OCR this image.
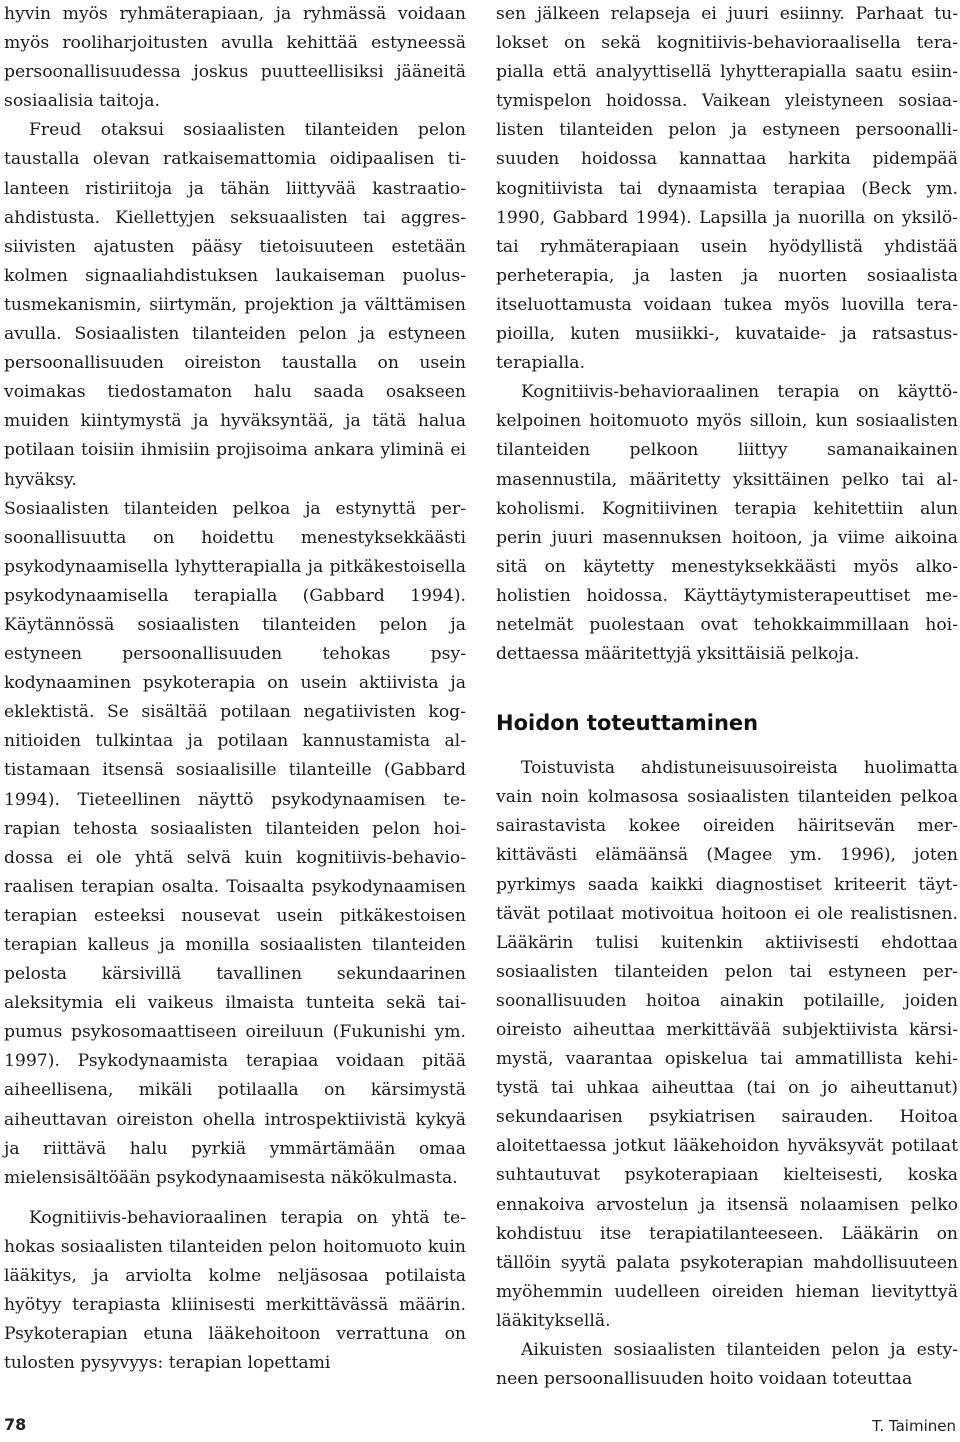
hyvin myös ryhmäterapiaan, ja ryhmässä voidaan myös rooliharjoitusten avulla kehittää estyneessä persoonallisuudessa joskus puutteellisiksi jääneitä sosiaalisia taitoja.

Freud otaksui sosiaalisten tilanteiden pelon taustalla olevan ratkaisemattomia oidipaalisen tilanteen ristiriitoja ja tähän liittyvää kastraatioahdistusta. Kiellettyjen seksuaalisten tai aggressiivisten ajatusten pääsy tietoisuuteen estetään kolmen signaaliahdistuksen laukaiseman puolustusmekanismin, siirtymän, projektion ja välttämisen avulla. Sosiaalisten tilanteiden pelon ja estyneen persoonallisuuden oireiston taustalla on usein voimakas tiedostamaton halu saada osakseen muiden kiintymystä ja hyväksyntää, ja tätä halua potilaan toisiin ihmisiin projisoima ankara yliminä ei hyväksy.

Sosiaalisten tilanteiden pelkoa ja estynyttä persoonallisuutta on hoidettu menestyksekkäästi psykodynaamisella lyhytterapialla ja pitkäkestoisella psykodynaamisella terapialla (Gabbard 1994). Käytännössä sosiaalisten tilanteiden pelon ja estyneen persoonallisuuden tehokas psykodynaaminen psykoterapia on usein aktiivista ja eklektistä. Se sisältää potilaan negatiivisten kognitioiden tulkintaa ja potilaan kannustamista altistamaan itsensä sosiaalisille tilanteille (Gabbard 1994). Tieteellinen näyttö psykodynaamisen terapian tehosta sosiaalisten tilanteiden pelon hoidossa ei ole yhtä selvä kuin kognitiivis-behavioraalisen terapian osalta. Toisaalta psykodynaamisen terapian esteeksi nousevat usein pitkäkestoisen terapian kalleus ja monilla sosiaalisten tilanteiden pelosta kärsivillä tavallinen sekundaarinen aleksitymia eli vaikeus ilmaista tunteita sekä taipumus psykosomaattiseen oireiluun (Fukunishi ym. 1997). Psykodynaamista terapiaa voidaan pitää aiheellisena, mikäli potilaalla on kärsimystä aiheuttavan oireiston ohella introspektiivistä kykyä ja riittävä halu pyrkiä ymmärtämään omaa mielensisältöään psykodynaamisesta näkökulmasta.

Kognitiivis-behavioraalinen terapia on yhtä tehokas sosiaalisten tilanteiden pelon hoitomuoto kuin lääkitys, ja arviolta kolme neljäsosaa potilaista hyötyy terapiasta kliinisesti merkittävässä määrin. Psykoterapian etuna lääkehoitoon verrattuna on tulosten pysyvyys: terapian lopettami

sen jälkeen relapseja ei juuri esiinny. Parhaat tulokset on sekä kognitiivis-behavioraalisella terapialla että analyyttisellä lyhytterapialla saatu esiintymispelon hoidossa. Vaikean yleistyneen sosiaalisten tilanteiden pelon ja estyneen persoonallisuuden hoidossa kannattaa harkita pidempää kognitiivista tai dynaamista terapiaa (Beck ym. 1990, Gabbard 1994). Lapsilla ja nuorilla on yksilö- tai ryhmäterapiaan usein hyödyllistä yhdistää perheterapia, ja lasten ja nuorten sosiaalista itseluottamusta voidaan tukea myös luovilla terapioilla, kuten musiikki-, kuvataide- ja ratsastusterapialla.

Kognitiivis-behavioraalinen terapia on käyttökelpoinen hoitomuoto myös silloin, kun sosiaalisten tilanteiden pelkoon liittyy samanaikainen masennustila, määritetty yksittäinen pelko tai alkoholismi. Kognitiivinen terapia kehitettiin alun perin juuri masennuksen hoitoon, ja viime aikoina sitä on käytetty menestyksekkäästi myös alkoholistien hoidossa. Käyttäytymisterapeuttiset menetelmät puolestaan ovat tehokkaimmillaan hoidettaessa määritettyjä yksittäisiä pelkoja.

Hoidon toteuttaminen

Toistuvista ahdistuneisuusoireista huolimatta vain noin kolmasosa sosiaalisten tilanteiden pelkoa sairastavista kokee oireiden häiritsevän merkittävästi elämäänsä (Magee ym. 1996), joten pyrkimys saada kaikki diagnostiset kriteerit täyttävät potilaat motivoitua hoitoon ei ole realistisnen. Lääkärin tulisi kuitenkin aktiivisesti ehdottaa sosiaalisten tilanteiden pelon tai estyneen persoonallisuuden hoitoa ainakin potilaille, joiden oireisto aiheuttaa merkittävää subjektiivista kärsimystä, vaarantaa opiskelua tai ammatillista kehitystä tai uhkaa aiheuttaa (tai on jo aiheuttanut) sekundaarisen psykiatrisen sairauden. Hoitoa aloitettaessa jotkut lääkehoidon hyväksyvät potilaat suhtautuvat psykoterapiaan kielteisesti, koska ennakoiva arvostelun ja itsensä nolaamisen pelko kohdistuu itse terapiatilanteeseen. Lääkärin on tällöin syytä palata psykoterapian mahdollisuuteen myöhemmin uudelleen oireiden hieman lievityttyä lääkityksellä.

Aikuisten sosiaalisten tilanteiden pelon ja estyneen persoonallisuuden hoito voidaan toteuttaa

78	T. Taiminen
